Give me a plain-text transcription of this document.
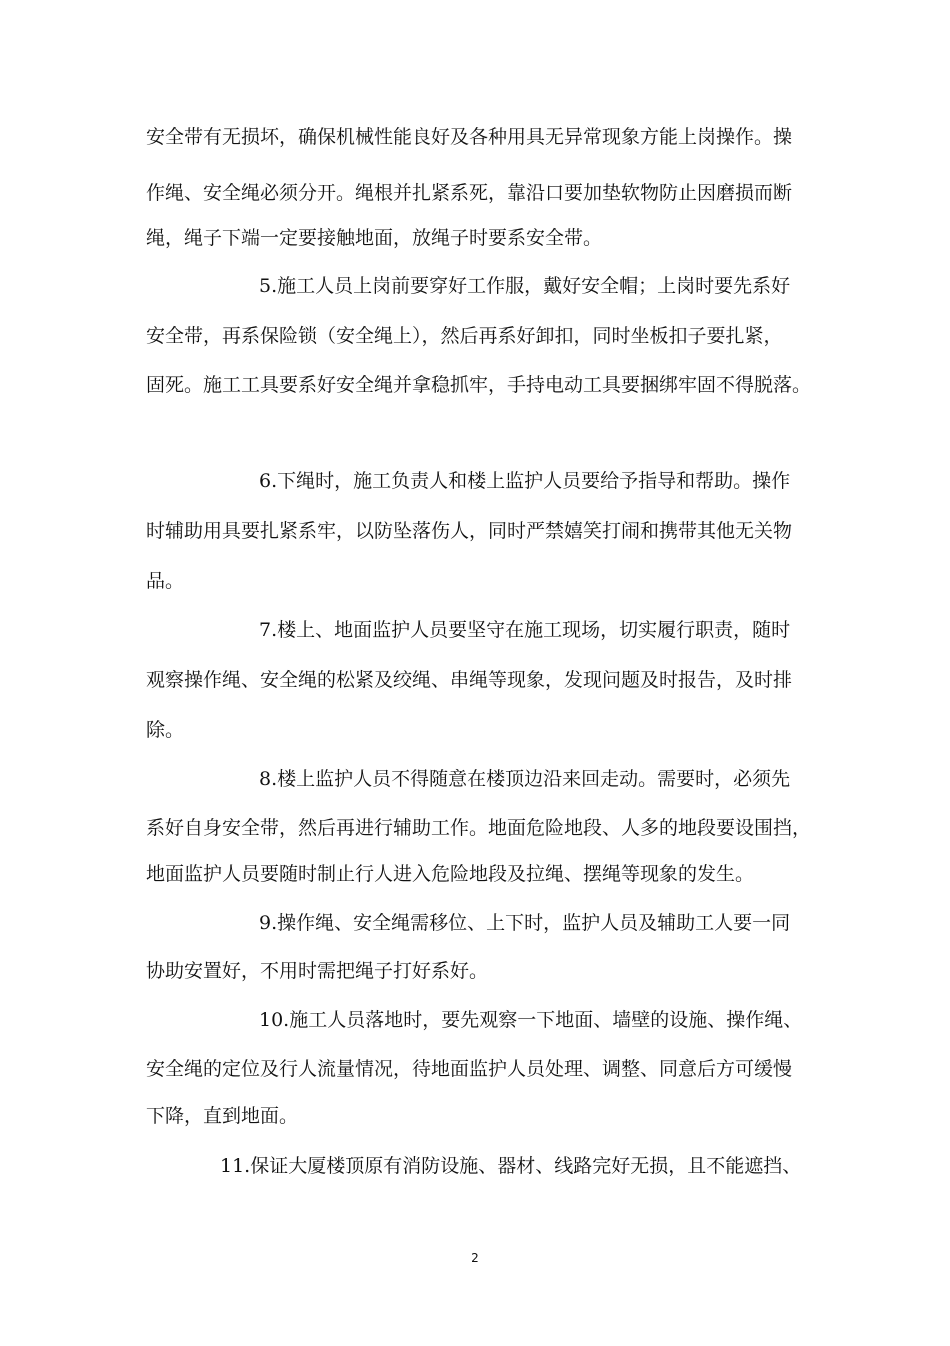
安全带有无损坏，确保机械性能良好及各种用具无异常现象方能上岗操作。操

作绳、安全绳必须分开。绳根并扎紧系死，靠沿口要加垫软物防止因磨损而断

绳，绳子下端一定要接触地面，放绳子时要系安全带。

5.施工人员上岗前要穿好工作服，戴好安全帽；上岗时要先系好

安全带，再系保险锁（安全绳上），然后再系好卸扣，同时坐板扣子要扎紧，

固死。施工工具要系好安全绳并拿稳抓牢，手持电动工具要捆绑牢固不得脱落。

6.下绳时，施工负责人和楼上监护人员要给予指导和帮助。操作

时辅助用具要扎紧系牢，以防坠落伤人，同时严禁嬉笑打闹和携带其他无关物

品。

7.楼上、地面监护人员要坚守在施工现场，切实履行职责，随时

观察操作绳、安全绳的松紧及绞绳、串绳等现象，发现问题及时报告，及时排

除。

8.楼上监护人员不得随意在楼顶边沿来回走动。需要时，必须先

系好自身安全带，然后再进行辅助工作。地面危险地段、人多的地段要设围挡，

地面监护人员要随时制止行人进入危险地段及拉绳、摆绳等现象的发生。

9.操作绳、安全绳需移位、上下时，监护人员及辅助工人要一同

协助安置好，不用时需把绳子打好系好。

10.施工人员落地时，要先观察一下地面、墙壁的设施、操作绳、

安全绳的定位及行人流量情况，待地面监护人员处理、调整、同意后方可缓慢

下降，直到地面。

11.保证大厦楼顶原有消防设施、器材、线路完好无损，且不能遮挡、

2
